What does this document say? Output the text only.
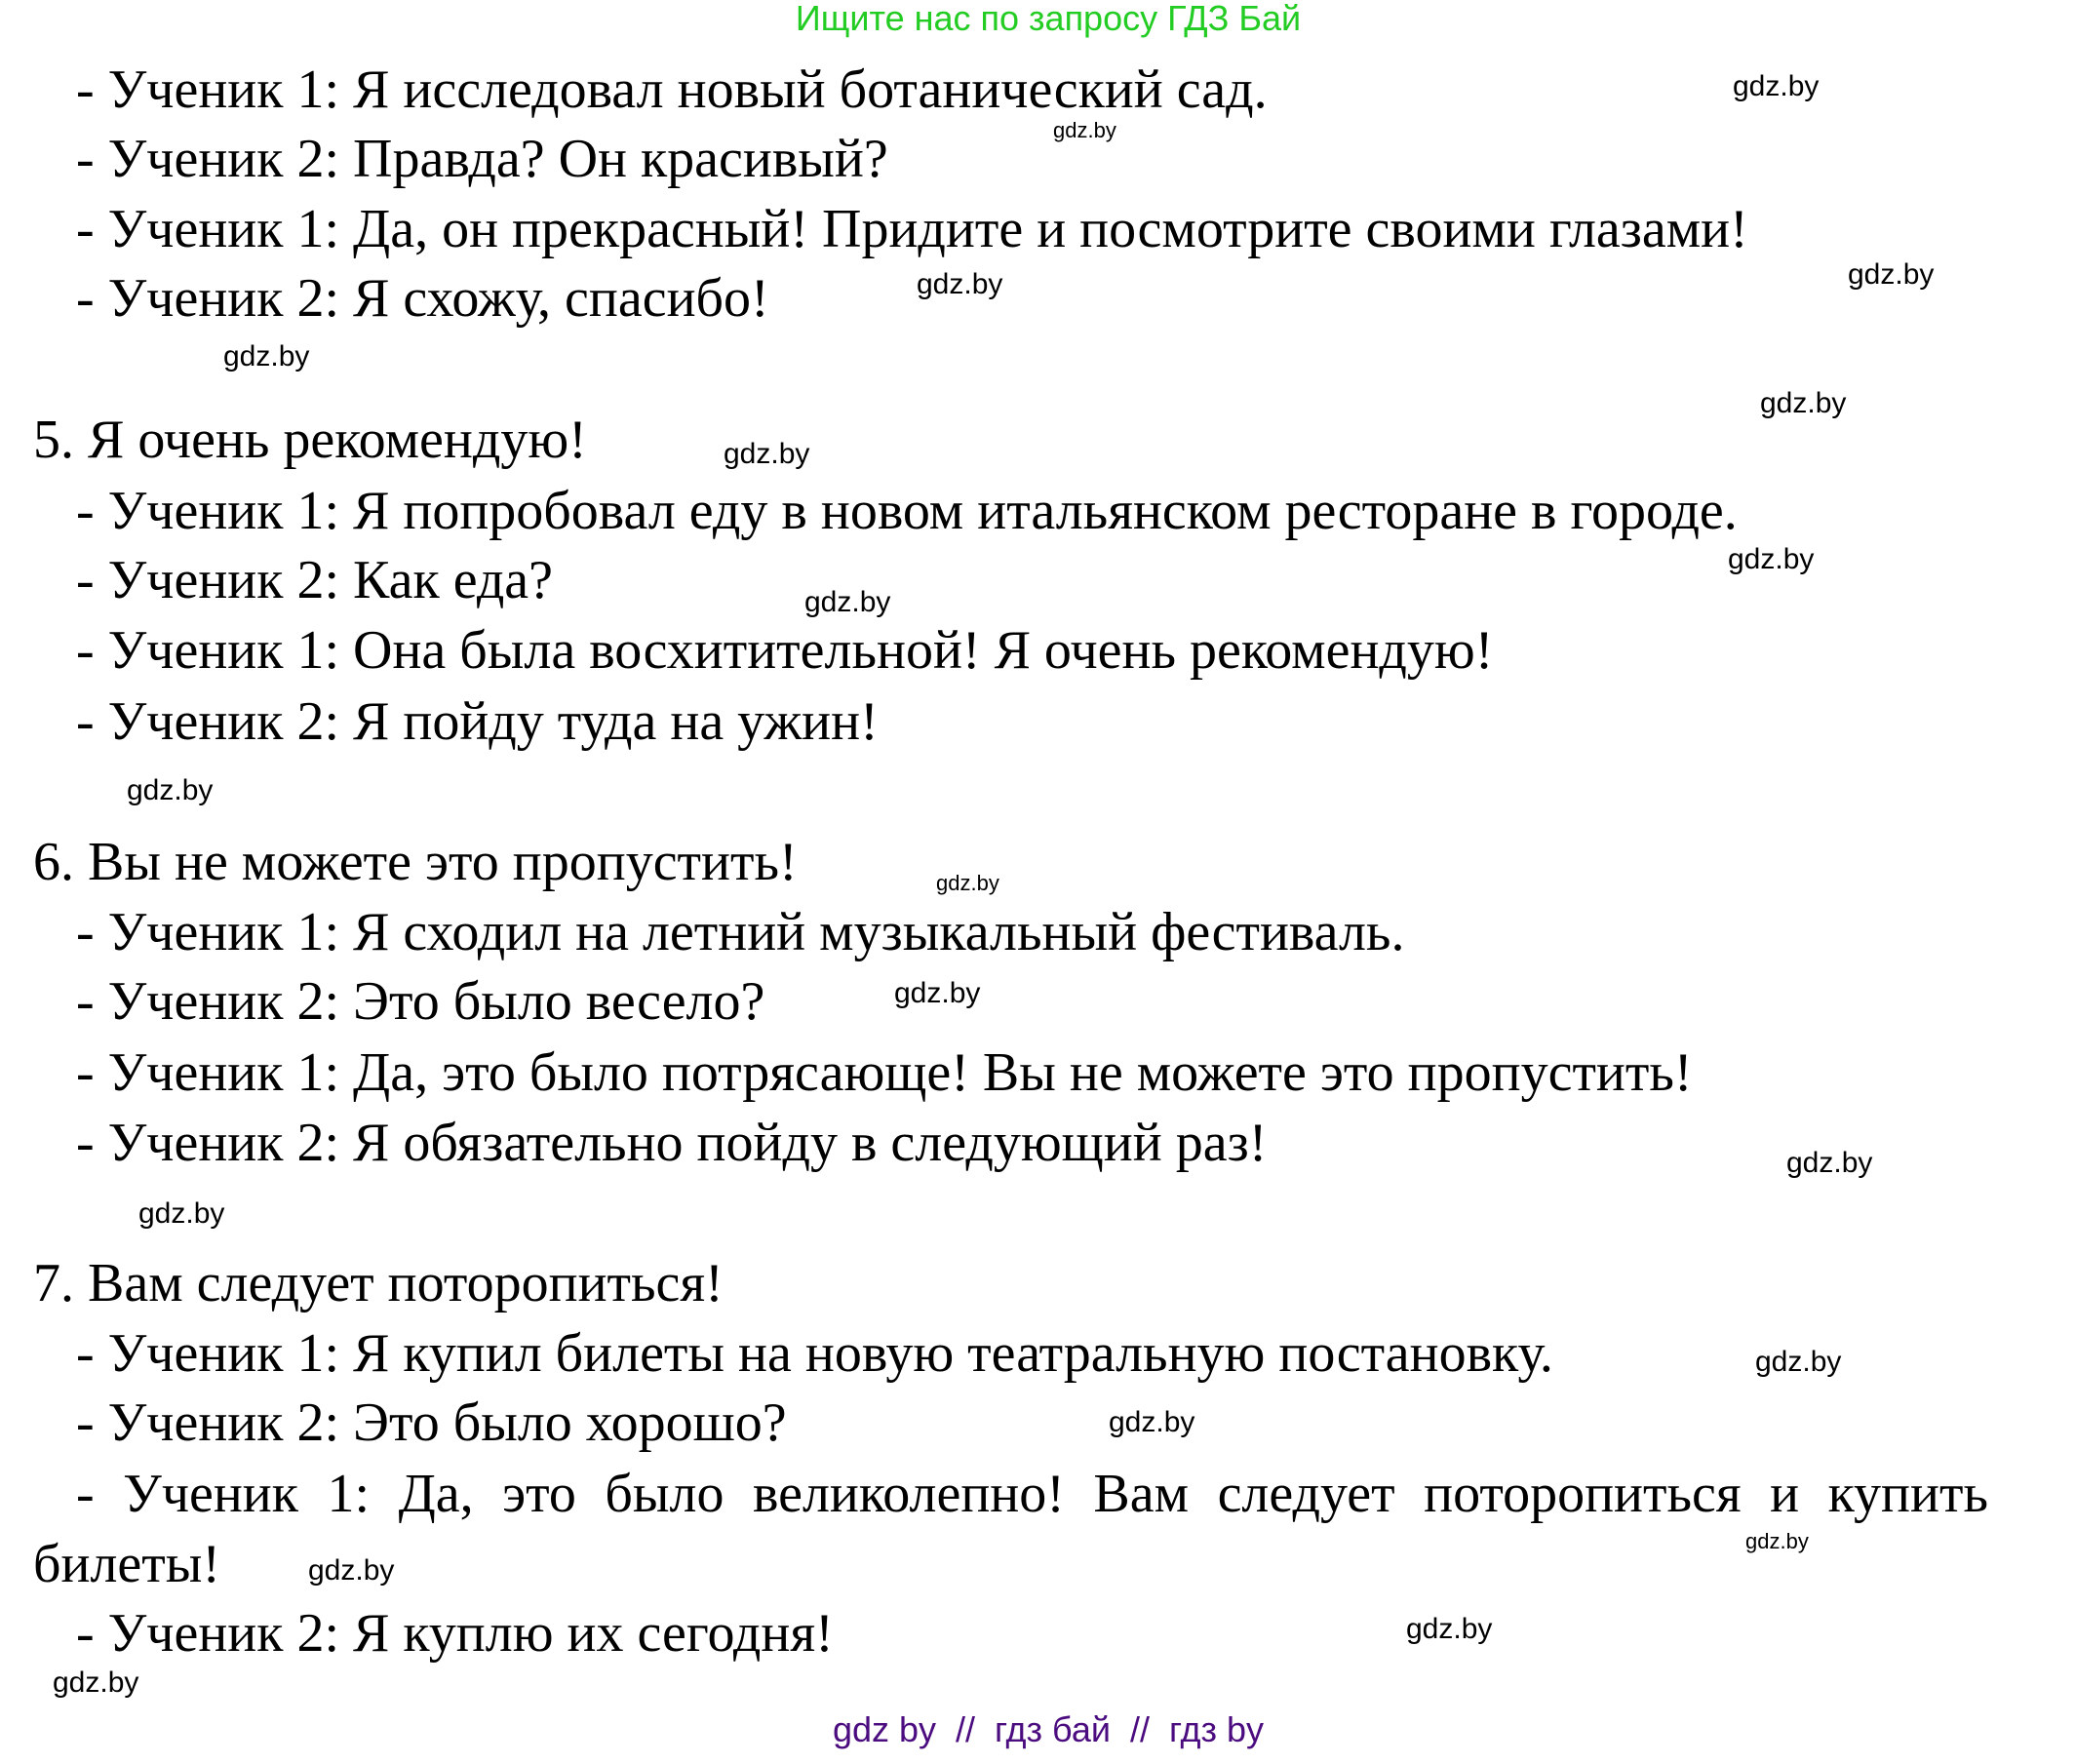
Ищите нас по запросу ГДЗ Бай
- Ученик 1: Я исследовал новый ботанический сад.
- Ученик 2: Правда? Он красивый?
- Ученик 1: Да, он прекрасный! Придите и посмотрите своими глазами!
- Ученик 2: Я схожу, спасибо!
5. Я очень рекомендую!
- Ученик 1: Я попробовал еду в новом итальянском ресторане в городе.
- Ученик 2: Как еда?
- Ученик 1: Она была восхитительной! Я очень рекомендую!
- Ученик 2: Я пойду туда на ужин!
6. Вы не можете это пропустить!
- Ученик 1: Я сходил на летний музыкальный фестиваль.
- Ученик 2: Это было весело?
- Ученик 1: Да, это было потрясающе! Вы не можете это пропустить!
- Ученик 2: Я обязательно пойду в следующий раз!
7. Вам следует поторопиться!
- Ученик 1: Я купил билеты на новую театральную постановку.
- Ученик 2: Это было хорошо?
- Ученик 1: Да, это было великолепно! Вам следует поторопиться и купить
билеты!
- Ученик 2: Я куплю их сегодня!
gdz.by
gdz.by
gdz.by
gdz.by
gdz.by
gdz.by
gdz.by
gdz.by
gdz.by
gdz.by
gdz.by
gdz.by
gdz.by
gdz.by
gdz.by
gdz.by
gdz.by
gdz.by
gdz.by
gdz.by
gdz by  //  гдз бай  //  гдз by
